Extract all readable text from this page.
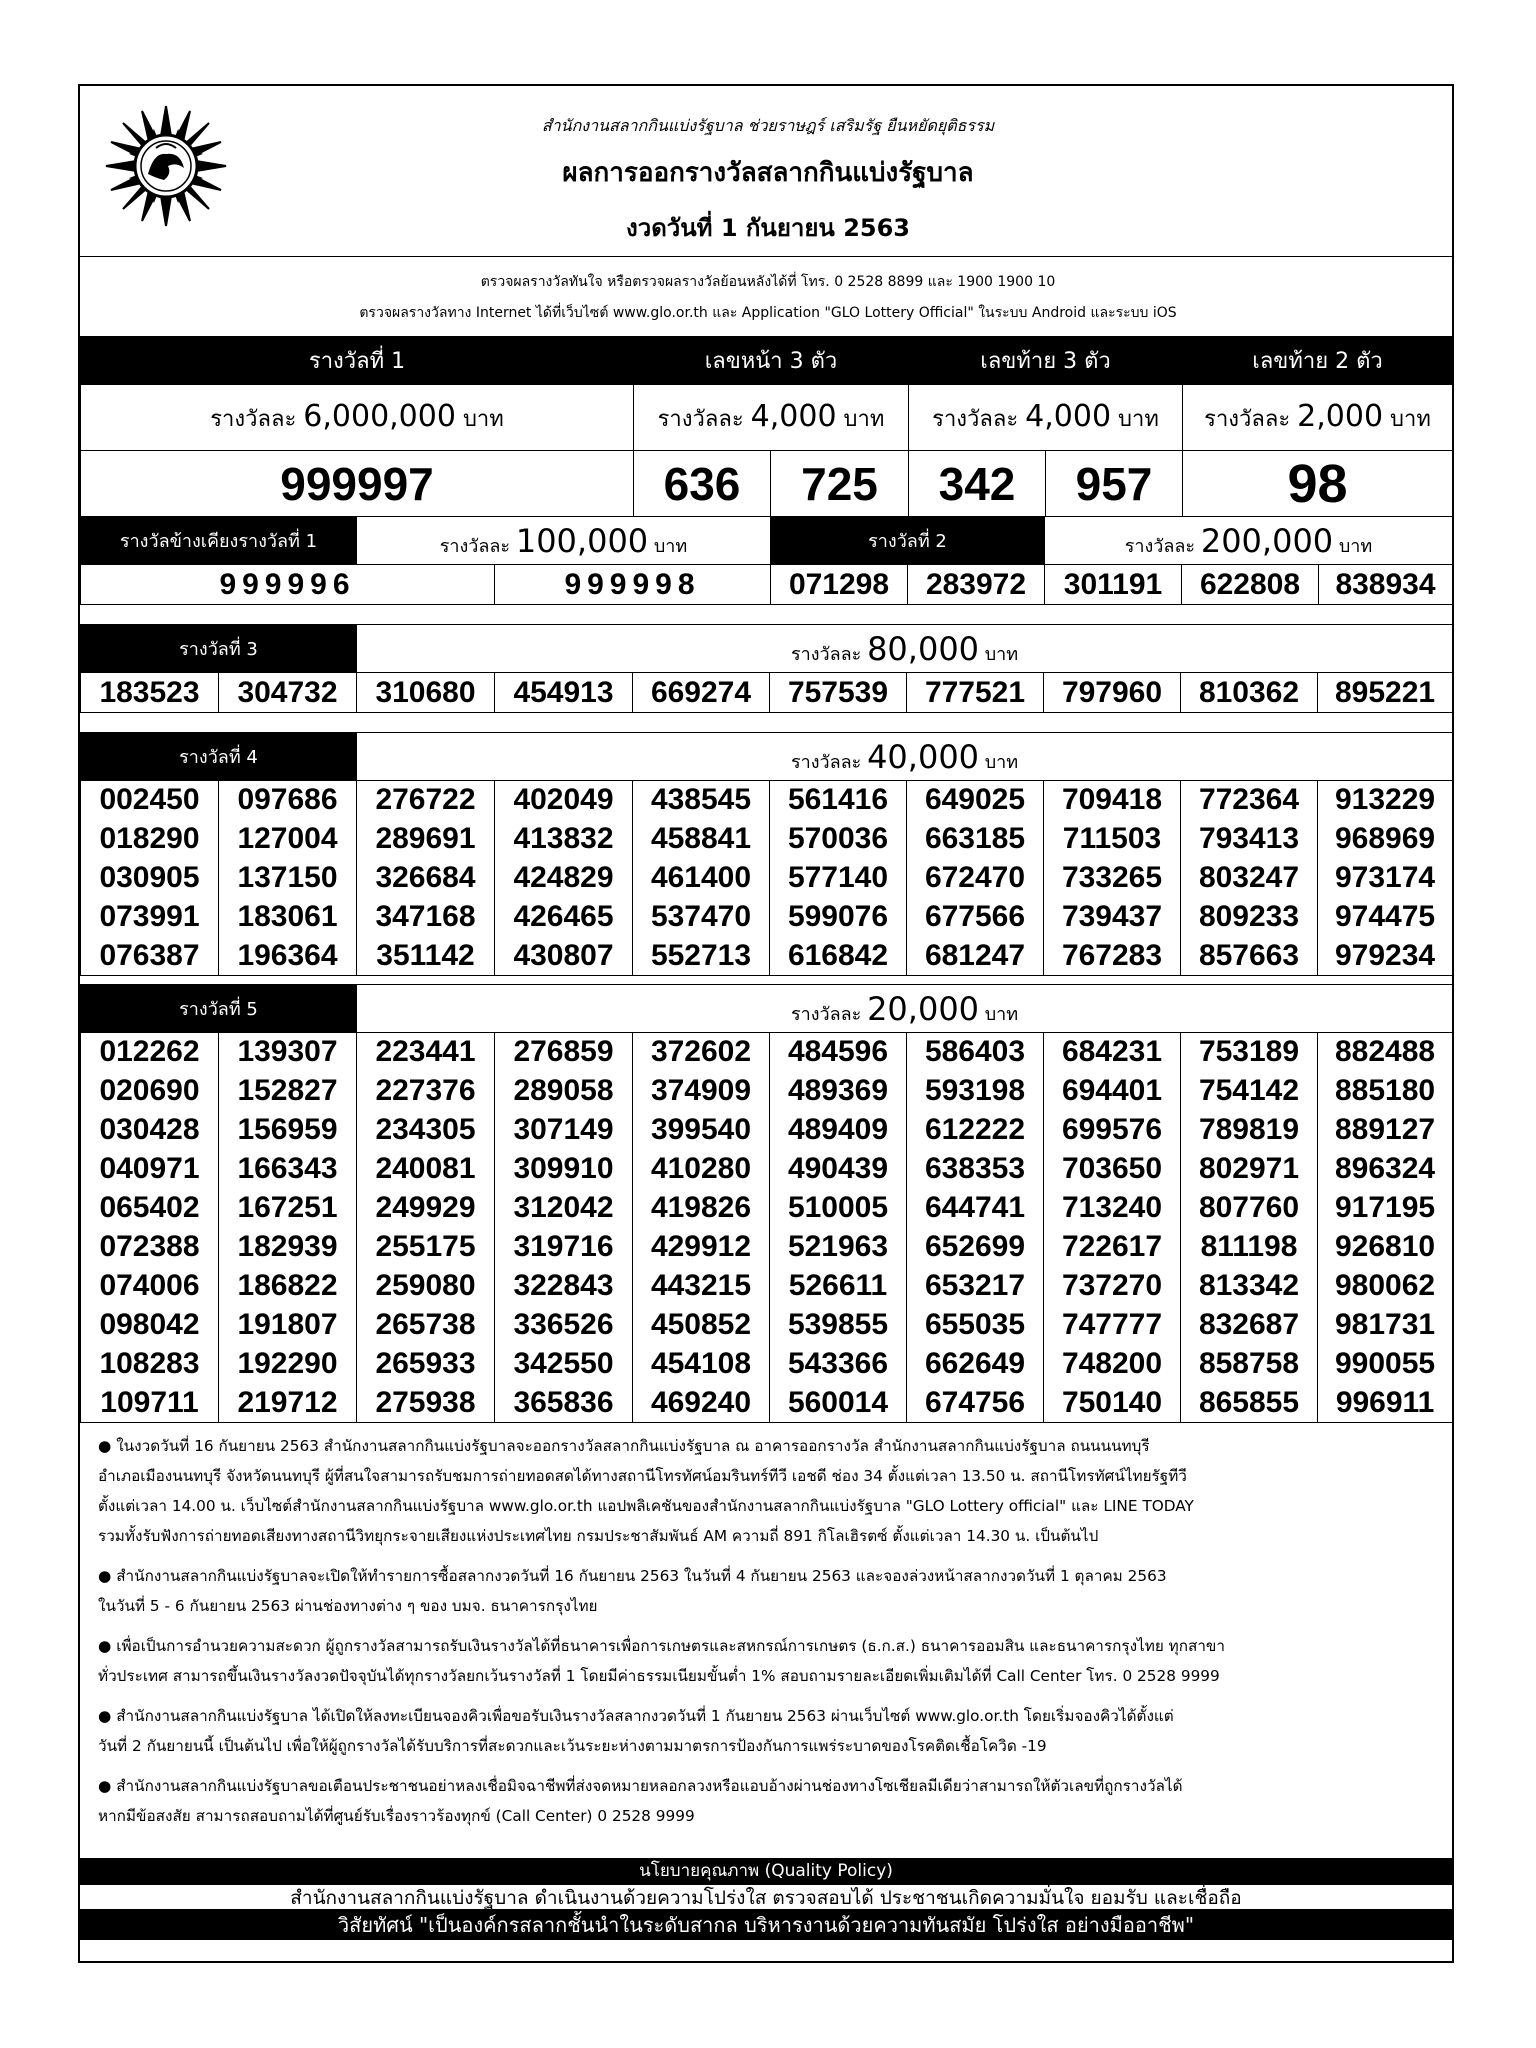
สำนักงานสลากกินแบ่งรัฐบาล ช่วยราษฎร์ เสริมรัฐ ยืนหยัดยุติธรรม
ผลการออกรางวัลสลากกินแบ่งรัฐบาล
งวดวันที่ 1 กันยายน 2563
ตรวจผลรางวัลทันใจ หรือตรวจผลรางวัลย้อนหลังได้ที่ โทร. 0 2528 8899 และ 1900 1900 10
ตรวจผลรางวัลทาง Internet ได้ที่เว็บไซต์ www.glo.or.th และ Application "GLO Lottery Official" ในระบบ Android และระบบ iOS
รางวัลที่ 1	เลขหน้า 3 ตัว		เลขท้าย 3 ตัว		เลขท้าย 2 ตัว
รางวัลละ 6,000,000 บาท	รางวัลละ 4,000 บาท		รางวัลละ 4,000 บาท		รางวัลละ 2,000 บาท
999997	636	725	342	957	98
รางวัลข้างเคียงรางวัลที่ 1	รางวัลละ 100,000 บาท		รางวัลที่ 2		รางวัลละ 200,000 บาท		
999996		999998	071298	283972	301191	622808	838934
รางวัลที่ 3		รางวัลละ 80,000 บาท							
183523	304732	310680	454913	669274	757539	777521	797960	810362	895221
รางวัลที่ 4		รางวัลละ 40,000 บาท							
002450	097686	276722	402049	438545	561416	649025	709418	772364	913229
018290	127004	289691	413832	458841	570036	663185	711503	793413	968969
030905	137150	326684	424829	461400	577140	672470	733265	803247	973174
073991	183061	347168	426465	537470	599076	677566	739437	809233	974475
076387	196364	351142	430807	552713	616842	681247	767283	857663	979234
รางวัลที่ 5		รางวัลละ 20,000 บาท							
012262	139307	223441	276859	372602	484596	586403	684231	753189	882488
020690	152827	227376	289058	374909	489369	593198	694401	754142	885180
030428	156959	234305	307149	399540	489409	612222	699576	789819	889127
040971	166343	240081	309910	410280	490439	638353	703650	802971	896324
065402	167251	249929	312042	419826	510005	644741	713240	807760	917195
072388	182939	255175	319716	429912	521963	652699	722617	811198	926810
074006	186822	259080	322843	443215	526611	653217	737270	813342	980062
098042	191807	265738	336526	450852	539855	655035	747777	832687	981731
108283	192290	265933	342550	454108	543366	662649	748200	858758	990055
109711	219712	275938	365836	469240	560014	674756	750140	865855	996911

● ในงวดวันที่ 16 กันยายน 2563 สำนักงานสลากกินแบ่งรัฐบาลจะออกรางวัลสลากกินแบ่งรัฐบาล ณ อาคารออกรางวัล สำนักงานสลากกินแบ่งรัฐบาล ถนนนนทบุรี
อำเภอเมืองนนทบุรี จังหวัดนนทบุรี ผู้ที่สนใจสามารถรับชมการถ่ายทอดสดได้ทางสถานีโทรทัศน์อมรินทร์ทีวี เอชดี ช่อง 34 ตั้งแต่เวลา 13.50 น. สถานีโทรทัศน์ไทยรัฐทีวี
ตั้งแต่เวลา 14.00 น. เว็บไซต์สำนักงานสลากกินแบ่งรัฐบาล www.glo.or.th แอปพลิเคชันของสำนักงานสลากกินแบ่งรัฐบาล "GLO Lottery official" และ LINE TODAY
รวมทั้งรับฟังการถ่ายทอดเสียงทางสถานีวิทยุกระจายเสียงแห่งประเทศไทย กรมประชาสัมพันธ์ AM ความถี่ 891 กิโลเฮิรตซ์ ตั้งแต่เวลา 14.30 น. เป็นต้นไป

● สำนักงานสลากกินแบ่งรัฐบาลจะเปิดให้ทำรายการซื้อสลากงวดวันที่ 16 กันยายน 2563 ในวันที่ 4 กันยายน 2563 และจองล่วงหน้าสลากงวดวันที่ 1 ตุลาคม 2563
ในวันที่ 5 - 6 กันยายน 2563 ผ่านช่องทางต่าง ๆ ของ บมจ. ธนาคารกรุงไทย

● เพื่อเป็นการอำนวยความสะดวก ผู้ถูกรางวัลสามารถรับเงินรางวัลได้ที่ธนาคารเพื่อการเกษตรและสหกรณ์การเกษตร (ธ.ก.ส.) ธนาคารออมสิน และธนาคารกรุงไทย ทุกสาขา
ทั่วประเทศ สามารถขึ้นเงินรางวัลงวดปัจจุบันได้ทุกรางวัลยกเว้นรางวัลที่ 1 โดยมีค่าธรรมเนียมขั้นต่ำ 1% สอบถามรายละเอียดเพิ่มเติมได้ที่ Call Center โทร. 0 2528 9999

● สำนักงานสลากกินแบ่งรัฐบาล ได้เปิดให้ลงทะเบียนจองคิวเพื่อขอรับเงินรางวัลสลากงวดวันที่ 1 กันยายน 2563 ผ่านเว็บไซต์ www.glo.or.th โดยเริ่มจองคิวได้ตั้งแต่
วันที่ 2 กันยายนนี้ เป็นต้นไป เพื่อให้ผู้ถูกรางวัลได้รับบริการที่สะดวกและเว้นระยะห่างตามมาตรการป้องกันการแพร่ระบาดของโรคติดเชื้อโควิด -19

● สำนักงานสลากกินแบ่งรัฐบาลขอเตือนประชาชนอย่าหลงเชื่อมิจฉาชีพที่ส่งจดหมายหลอกลวงหรือแอบอ้างผ่านช่องทางโซเชียลมีเดียว่าสามารถให้ตัวเลขที่ถูกรางวัลได้
หากมีข้อสงสัย สามารถสอบถามได้ที่ศูนย์รับเรื่องราวร้องทุกข์ (Call Center) 0 2528 9999

นโยบายคุณภาพ (Quality Policy)
สำนักงานสลากกินแบ่งรัฐบาล ดำเนินงานด้วยความโปร่งใส ตรวจสอบได้ ประชาชนเกิดความมั่นใจ ยอมรับ และเชื่อถือ
วิสัยทัศน์ "เป็นองค์กรสลากชั้นนำในระดับสากล บริหารงานด้วยความทันสมัย โปร่งใส อย่างมืออาชีพ"
